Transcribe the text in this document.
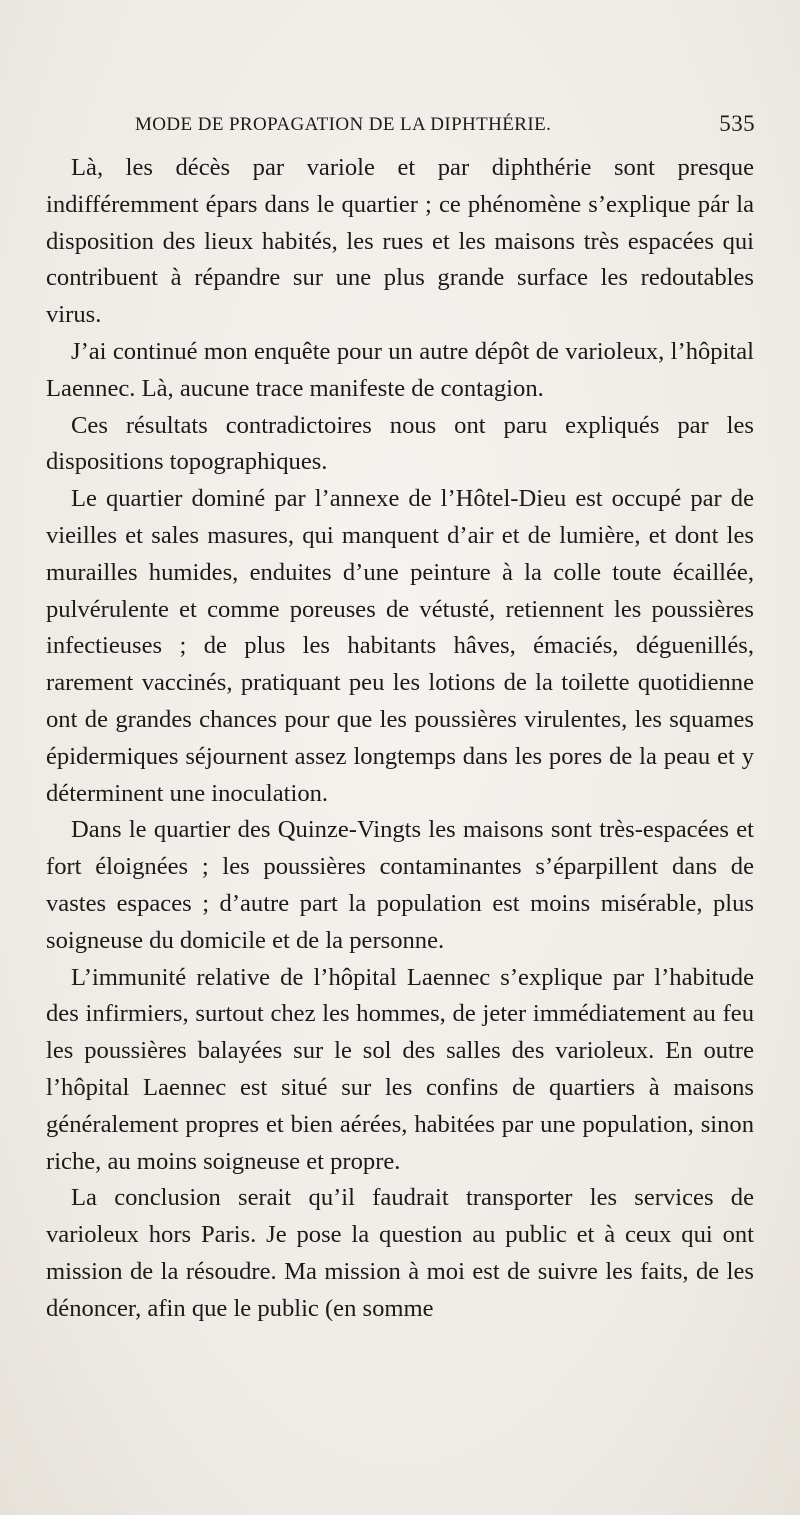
MODE DE PROPAGATION DE LA DIPHTHÉRIE.	535

Là, les décès par variole et par diphthérie sont presque indifféremment épars dans le quartier ; ce phénomène s’explique pár la disposition des lieux habités, les rues et les maisons très espacées qui contribuent à répandre sur une plus grande surface les redoutables virus.

J’ai continué mon enquête pour un autre dépôt de varioleux, l’hôpital Laennec. Là, aucune trace manifeste de contagion.

Ces résultats contradictoires nous ont paru expliqués par les dispositions topographiques.

Le quartier dominé par l’annexe de l’Hôtel-Dieu est occupé par de vieilles et sales masures, qui manquent d’air et de lumière, et dont les murailles humides, enduites d’une peinture à la colle toute écaillée, pulvérulente et comme poreuses de vétusté, retiennent les poussières infectieuses ; de plus les habitants hâves, émaciés, déguenillés, rarement vaccinés, pratiquant peu les lotions de la toilette quotidienne ont de grandes chances pour que les poussières virulentes, les squames épidermiques séjournent assez longtemps dans les pores de la peau et y déterminent une inoculation.

Dans le quartier des Quinze-Vingts les maisons sont très-espacées et fort éloignées ; les poussières contaminantes s’éparpillent dans de vastes espaces ; d’autre part la population est moins misérable, plus soigneuse du domicile et de la personne.

L’immunité relative de l’hôpital Laennec s’explique par l’habitude des infirmiers, surtout chez les hommes, de jeter immédiatement au feu les poussières balayées sur le sol des salles des varioleux. En outre l’hôpital Laennec est situé sur les confins de quartiers à maisons généralement propres et bien aérées, habitées par une population, sinon riche, au moins soigneuse et propre.

La conclusion serait qu’il faudrait transporter les services de varioleux hors Paris. Je pose la question au public et à ceux qui ont mission de la résoudre. Ma mission à moi est de suivre les faits, de les dénoncer, afin que le public (en somme
